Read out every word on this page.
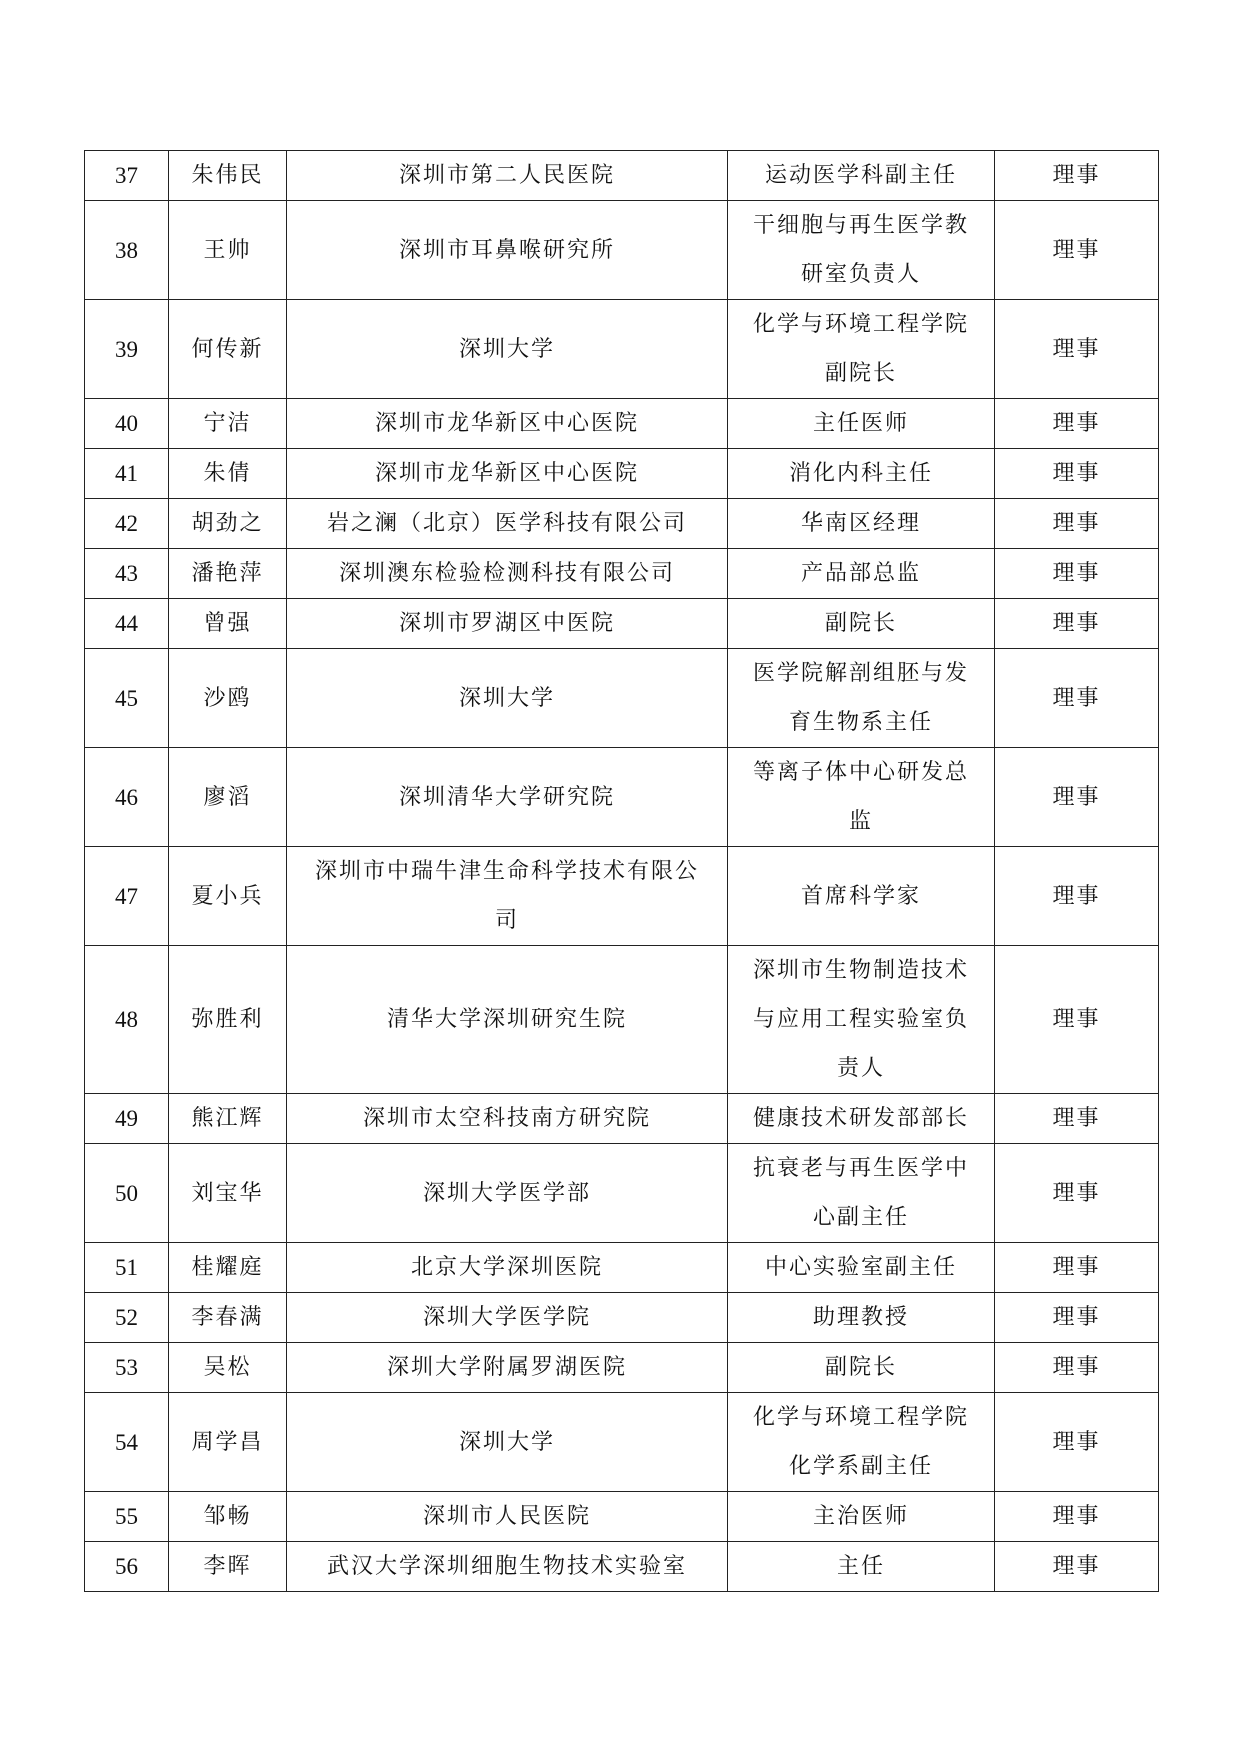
37	朱伟民	深圳市第二人民医院	运动医学科副主任	理事
38	王帅	深圳市耳鼻喉研究所	干细胞与再生医学教研室负责人	理事
39	何传新	深圳大学	化学与环境工程学院副院长	理事
40	宁洁	深圳市龙华新区中心医院	主任医师	理事
41	朱倩	深圳市龙华新区中心医院	消化内科主任	理事
42	胡劲之	岩之澜（北京）医学科技有限公司	华南区经理	理事
43	潘艳萍	深圳澳东检验检测科技有限公司	产品部总监	理事
44	曾强	深圳市罗湖区中医院	副院长	理事
45	沙鸥	深圳大学	医学院解剖组胚与发育生物系主任	理事
46	廖滔	深圳清华大学研究院	等离子体中心研发总监	理事
47	夏小兵	深圳市中瑞牛津生命科学技术有限公司	首席科学家	理事
48	弥胜利	清华大学深圳研究生院	深圳市生物制造技术与应用工程实验室负责人	理事
49	熊江辉	深圳市太空科技南方研究院	健康技术研发部部长	理事
50	刘宝华	深圳大学医学部	抗衰老与再生医学中心副主任	理事
51	桂耀庭	北京大学深圳医院	中心实验室副主任	理事
52	李春满	深圳大学医学院	助理教授	理事
53	吴松	深圳大学附属罗湖医院	副院长	理事
54	周学昌	深圳大学	化学与环境工程学院化学系副主任	理事
55	邹畅	深圳市人民医院	主治医师	理事
56	李晖	武汉大学深圳细胞生物技术实验室	主任	理事
